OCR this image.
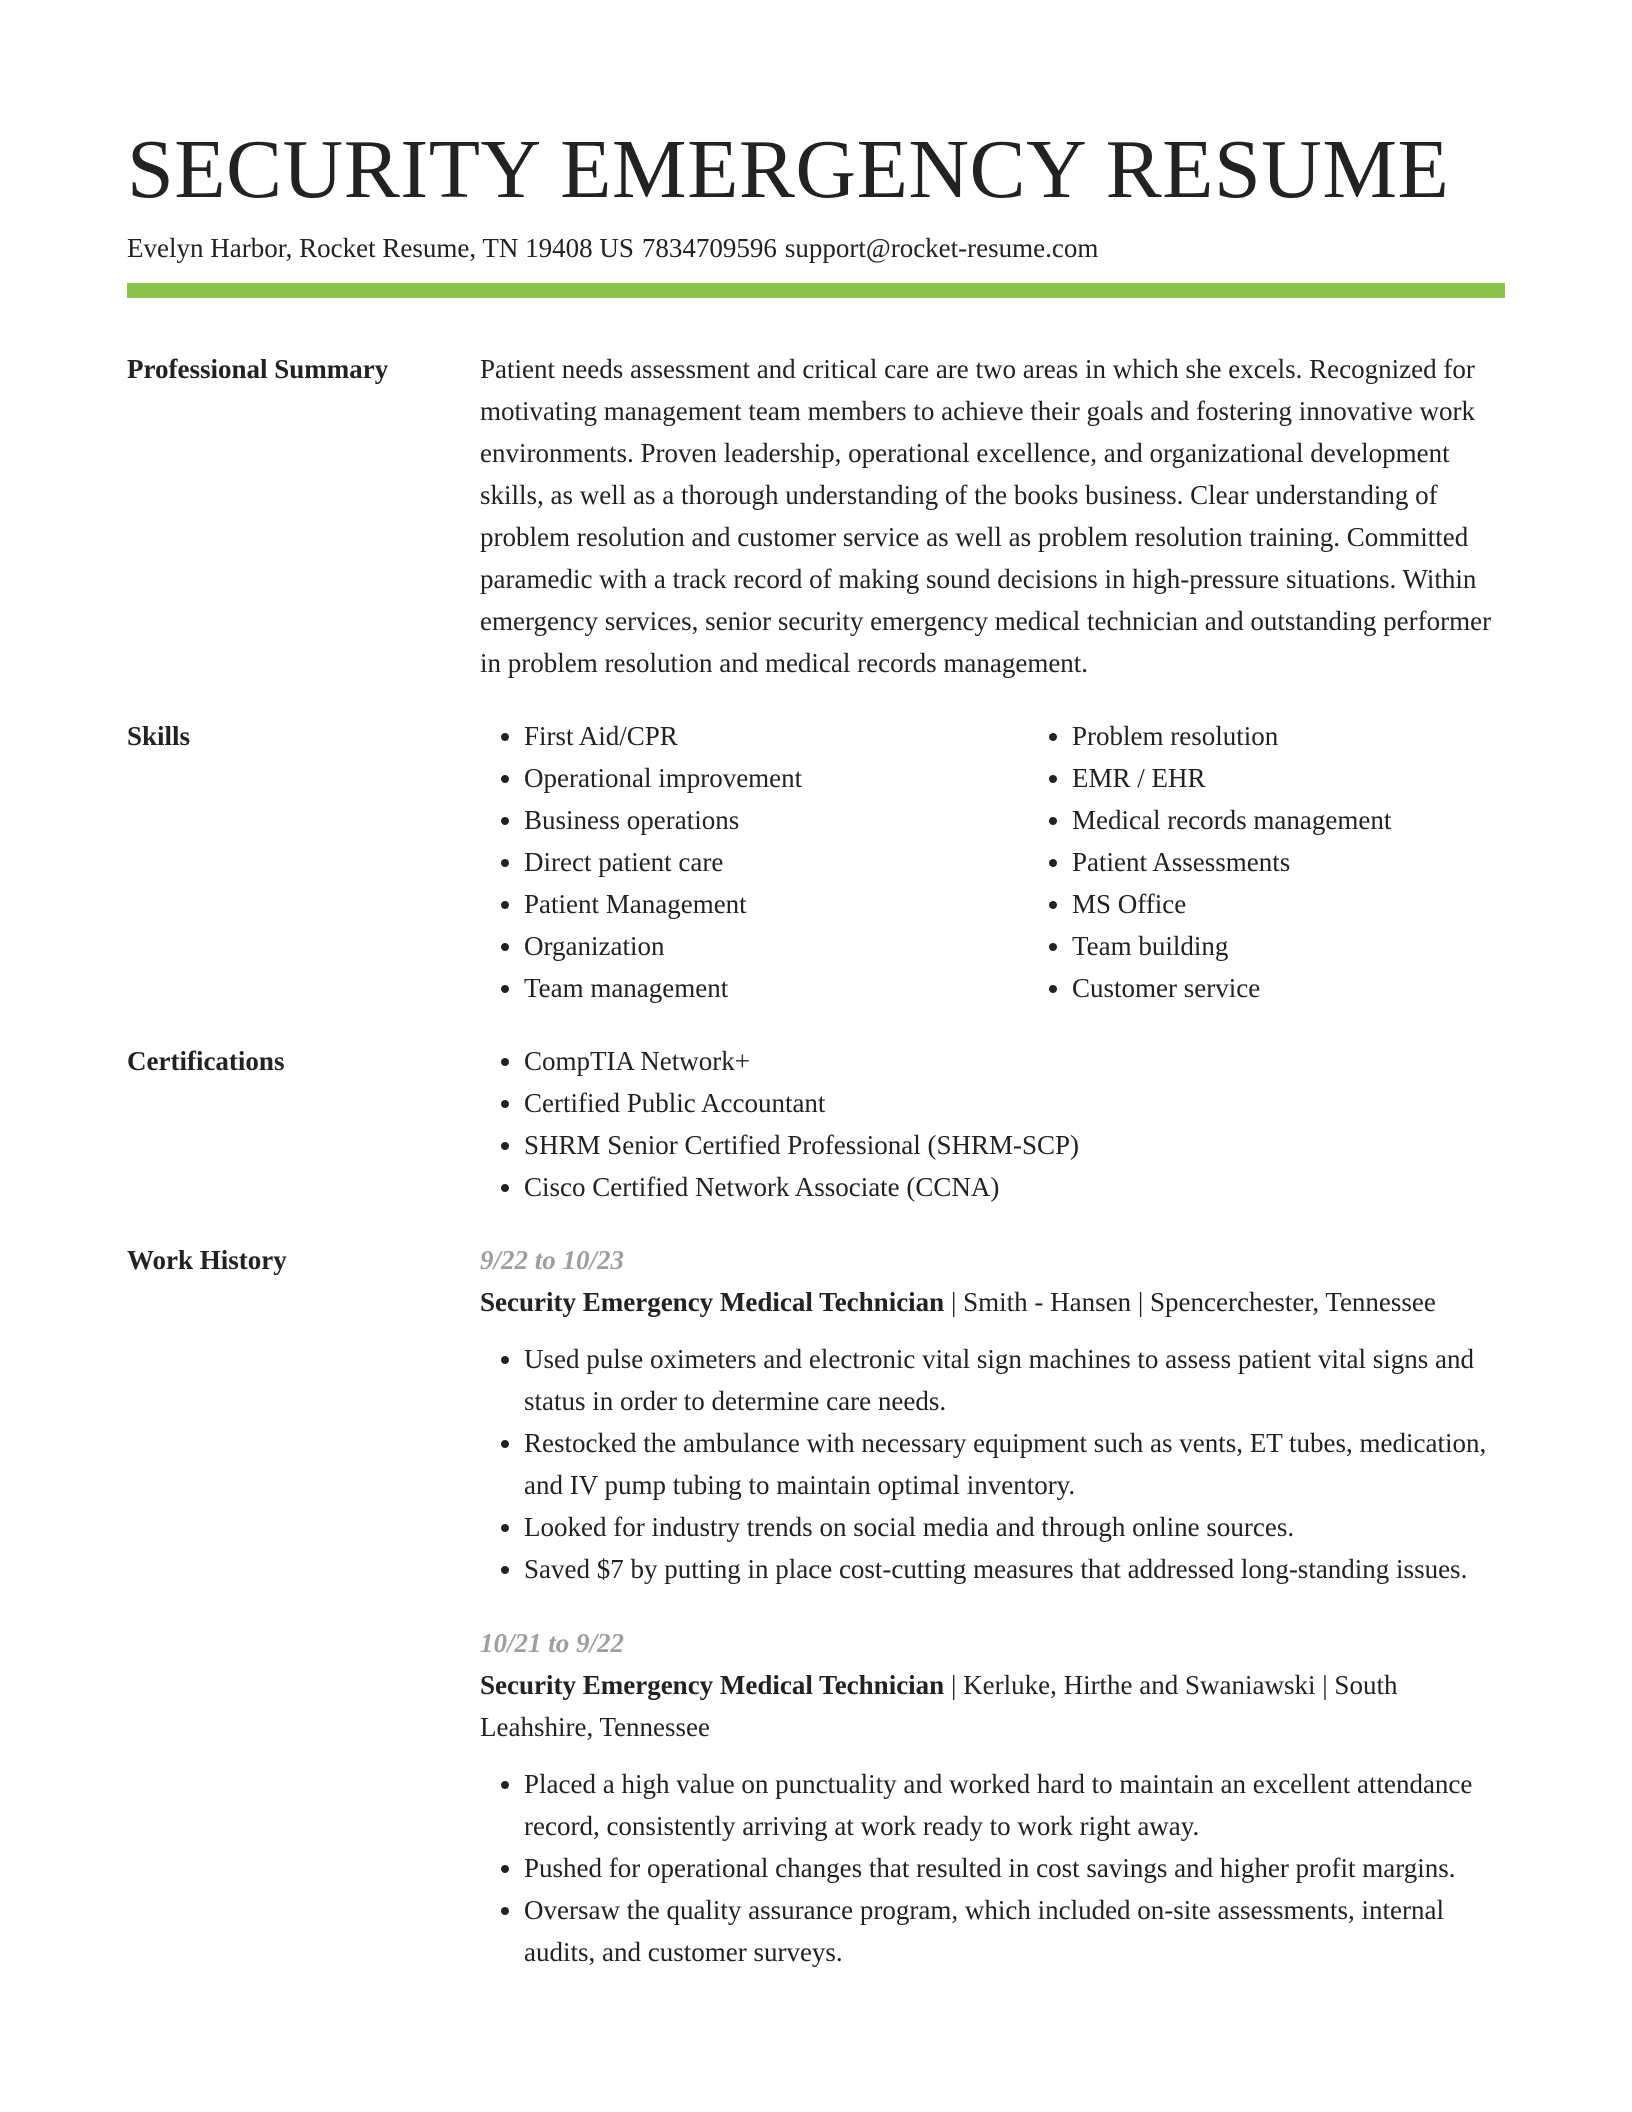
SECURITY EMERGENCY RESUME
Evelyn Harbor, Rocket Resume, TN 19408 US 7834709596 support@rocket-resume.com
Professional Summary	Patient needs assessment and critical care are two areas in which she excels. Recognized for motivating management team members to achieve their goals and fostering innovative work environments. Proven leadership, operational excellence, and organizational development skills, as well as a thorough understanding of the books business. Clear understanding of problem resolution and customer service as well as problem resolution training. Committed paramedic with a track record of making sound decisions in high-pressure situations. Within emergency services, senior security emergency medical technician and outstanding performer in problem resolution and medical records management.

Skills	• First Aid/CPR
• Operational improvement
• Business operations
• Direct patient care
• Patient Management
• Organization
• Team management
• Problem resolution
• EMR / EHR
• Medical records management
• Patient Assessments
• MS Office
• Team building
• Customer service
Certifications	• CompTIA Network+
• Certified Public Accountant
• SHRM Senior Certified Professional (SHRM-SCP)
• Cisco Certified Network Associate (CCNA)
Work History	9/22 to 10/23
Security Emergency Medical Technician | Smith - Hansen | Spencerchester, Tennessee
• Used pulse oximeters and electronic vital sign machines to assess patient vital signs and status in order to determine care needs.
• Restocked the ambulance with necessary equipment such as vents, ET tubes, medication, and IV pump tubing to maintain optimal inventory.
• Looked for industry trends on social media and through online sources.
• Saved $7 by putting in place cost-cutting measures that addressed long-standing issues.
10/21 to 9/22
Security Emergency Medical Technician | Kerluke, Hirthe and Swaniawski | South Leahshire, Tennessee
• Placed a high value on punctuality and worked hard to maintain an excellent attendance record, consistently arriving at work ready to work right away.
• Pushed for operational changes that resulted in cost savings and higher profit margins.
• Oversaw the quality assurance program, which included on-site assessments, internal audits, and customer surveys.
